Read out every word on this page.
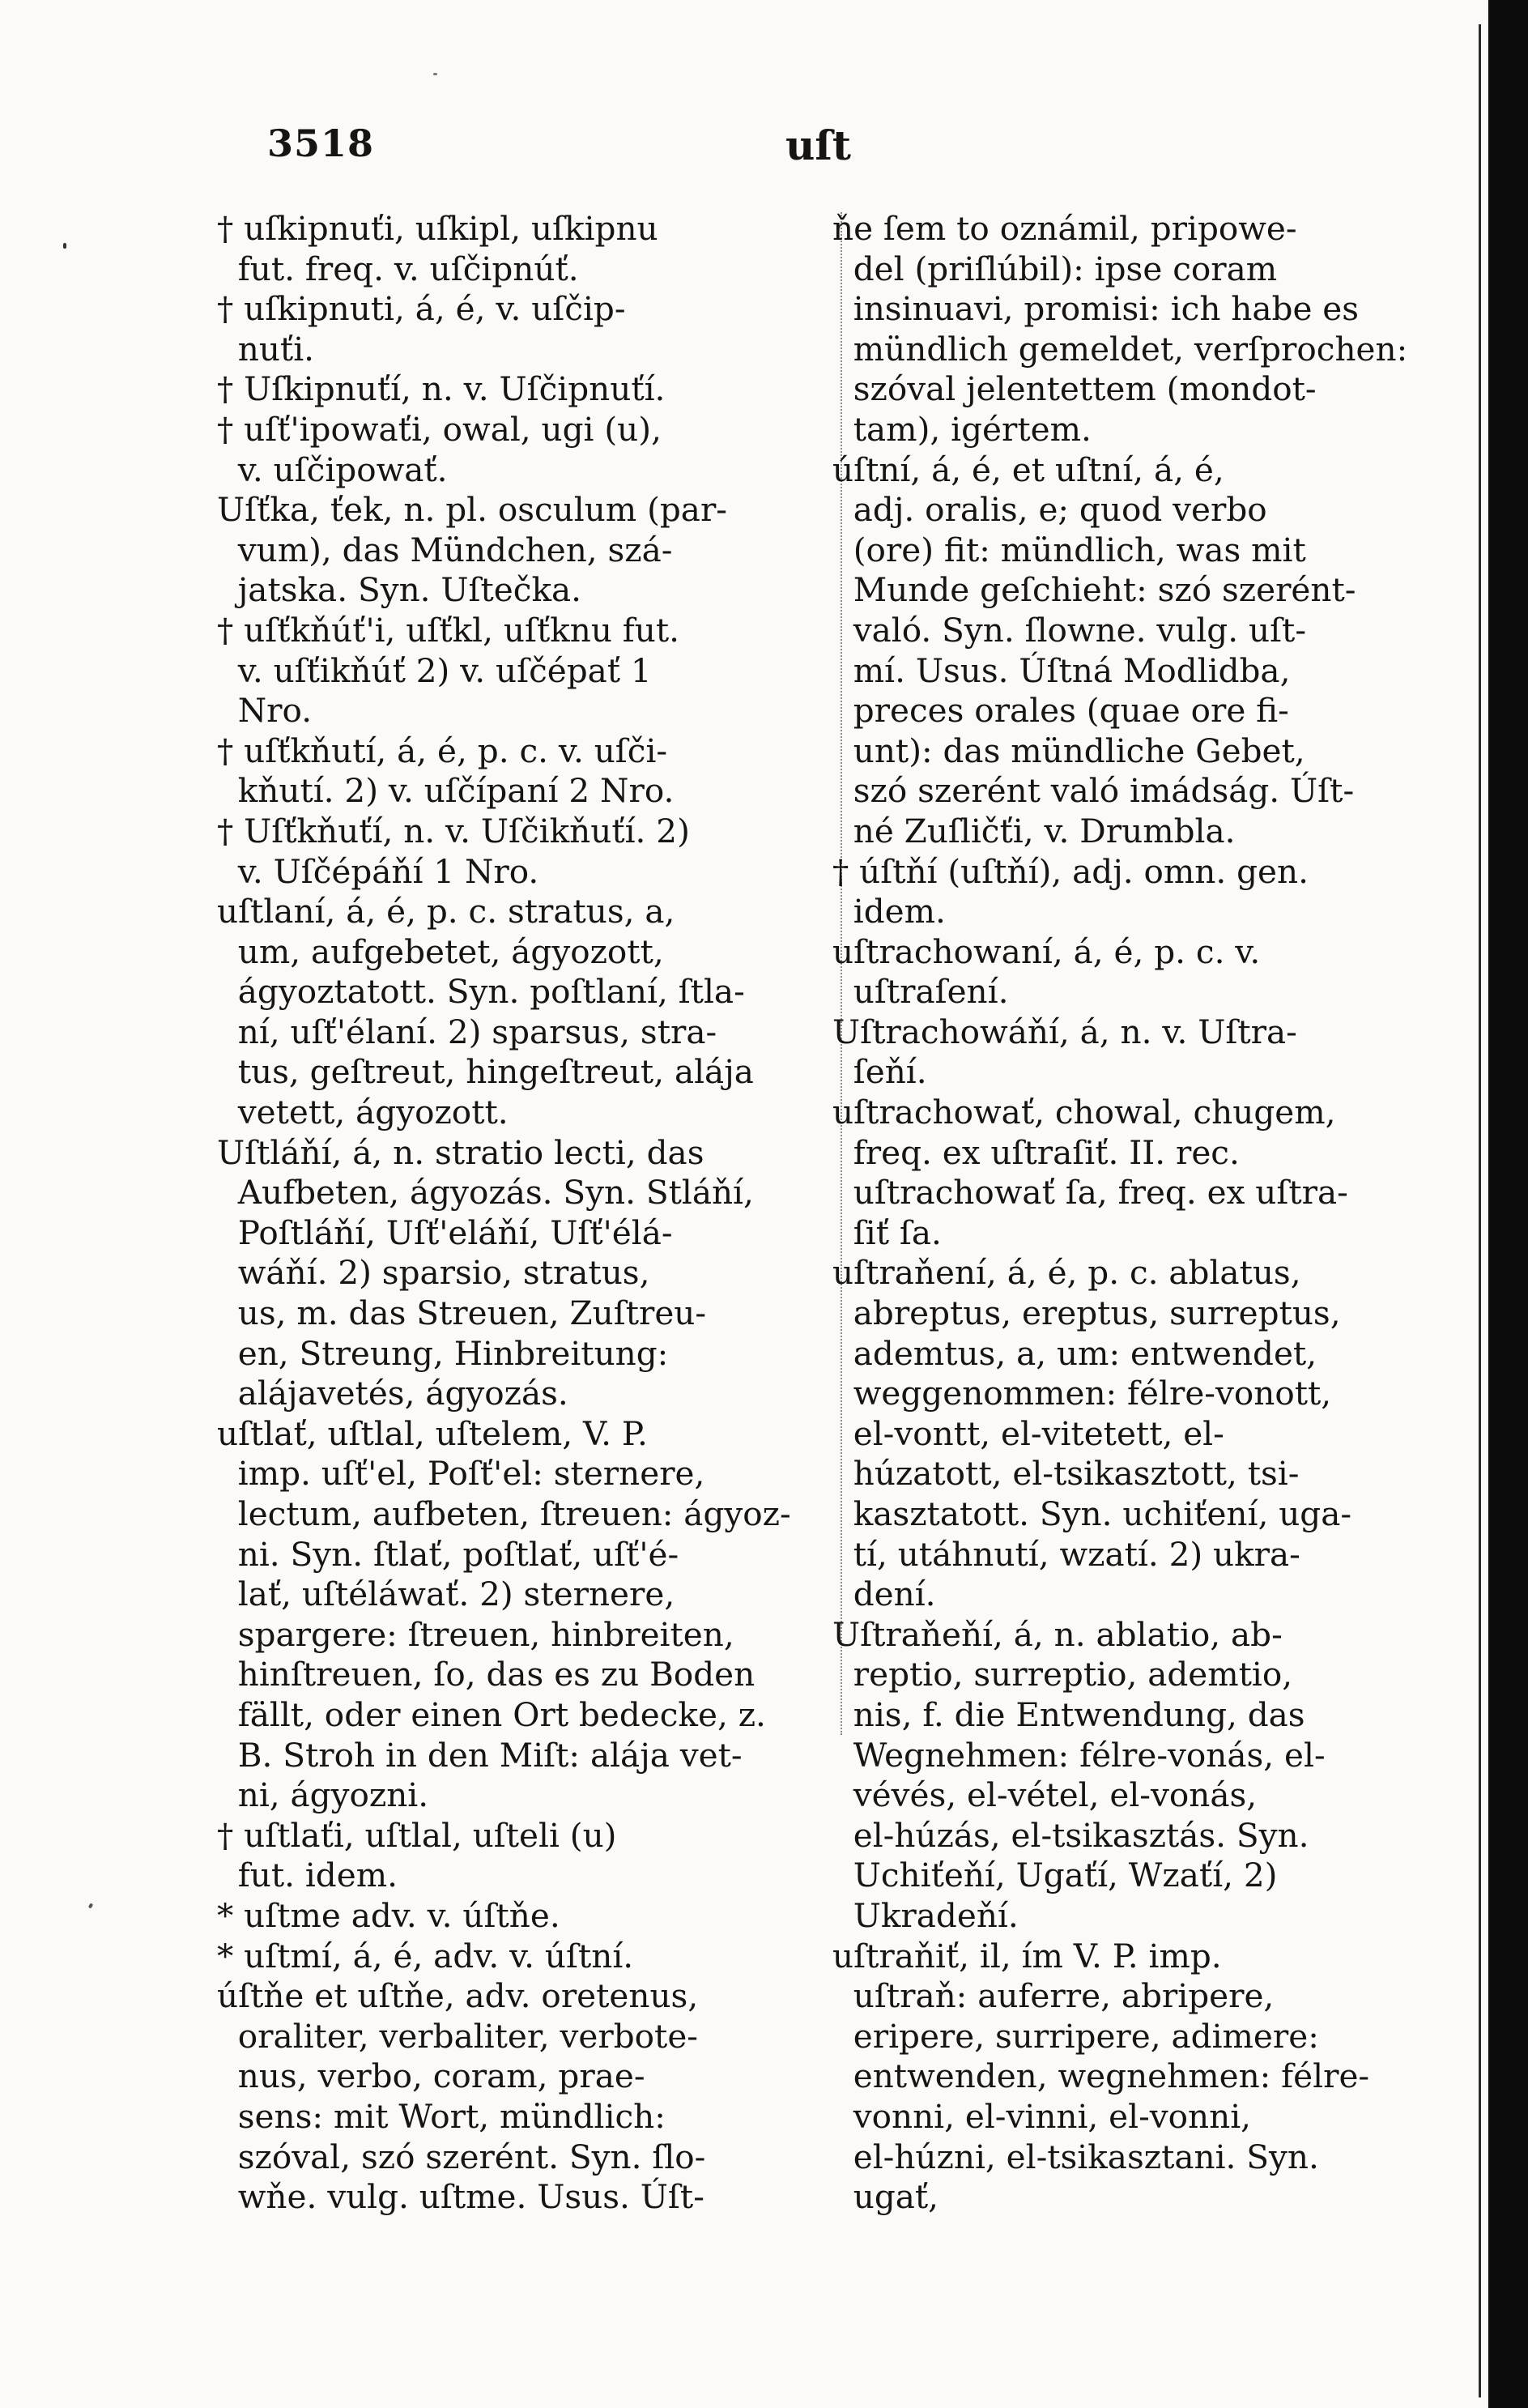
3518	uſt
† uſkipnuťi, uſkipl, uſkipnu
fut. freq. v. uſčipnúť.
† uſkipnuti, á, é, v. uſčip-
nuťi.
† Uſkipnuťí, n. v. Uſčipnuťí.
† uſť'ipowaťi, owal, ugi (u),
v. uſčipowať.
Uſťka, ťek, n. pl. osculum (par-
vum), das Mündchen, szá-
jatska. Syn. Uſtečka.
† uſťkňúť'i, uſťkl, uſťknu fut.
v. uſťikňúť 2) v. uſčépať 1
Nro.
† uſťkňutí, á, é, p. c. v. uſči-
kňutí. 2) v. uſčípaní 2 Nro.
† Uſťkňuťí, n. v. Uſčikňuťí. 2)
v. Uſčépáňí 1 Nro.
uſtlaní, á, é, p. c. stratus, a,
um, aufgebetet, ágyozott,
ágyoztatott. Syn. poſtlaní, ſtla-
ní, uſť'élaní. 2) sparsus, stra-
tus, geſtreut, hingeſtreut, alája
vetett, ágyozott.
Uſtláňí, á, n. stratio lecti, das
Aufbeten, ágyozás. Syn. Stláňí,
Poſtláňí, Uſť'eláňí, Uſť'élá-
wáňí. 2) sparsio, stratus,
us, m. das Streuen, Zuſtreu-
en, Streung, Hinbreitung:
alájavetés, ágyozás.
uſtlať, uſtlal, uſtelem, V. P.
imp. uſť'el, Poſť'el: sternere,
lectum, aufbeten, ſtreuen: ágyoz-
ni. Syn. ſtlať, poſtlať, uſť'é-
lať, uſtéláwať. 2) sternere,
spargere: ſtreuen, hinbreiten,
hinſtreuen, ſo, das es zu Boden
fällt, oder einen Ort bedecke, z.
B. Stroh in den Miſt: alája vet-
ni, ágyozni.
† uſtlaťi, uſtlal, uſteli (u)
fut. idem.
* uſtme adv. v. úſtňe.
* uſtmí, á, é, adv. v. úſtní.
úſtňe et uſtňe, adv. oretenus,
oraliter, verbaliter, verbote-
nus, verbo, coram, prae-
sens: mit Wort, mündlich:
szóval, szó szerént. Syn. ſlo-
wňe. vulg. uſtme. Usus. Úſt-
ňe ſem to oznámil, pripowe-
del (priſlúbil): ipse coram
insinuavi, promisi: ich habe es
mündlich gemeldet, verſprochen:
szóval jelentettem (mondot-
tam), igértem.
úſtní, á, é, et uſtní, á, é,
adj. oralis, e; quod verbo
(ore) fit: mündlich, was mit
Munde geſchieht: szó szerént-
való. Syn. ſlowne. vulg. uſt-
mí. Usus. Úſtná Modlidba,
preces orales (quae ore fi-
unt): das mündliche Gebet,
szó szerént való imádság. Úſt-
né Zuſličťi, v. Drumbla.
† úſtňí (uſtňí), adj. omn. gen.
idem.
uſtrachowaní, á, é, p. c. v.
uſtraſení.
Uſtrachowáňí, á, n. v. Uſtra-
ſeňí.
uſtrachowať, chowal, chugem,
freq. ex uſtraſiť. II. rec.
uſtrachowať ſa, freq. ex uſtra-
ſiť ſa.
uſtraňení, á, é, p. c. ablatus,
abreptus, ereptus, surreptus,
ademtus, a, um: entwendet,
weggenommen: félre-vonott,
el-vontt, el-vitetett, el-
húzatott, el-tsikasztott, tsi-
kasztatott. Syn. uchiťení, uga-
tí, utáhnutí, wzatí. 2) ukra-
dení.
Uſtraňeňí, á, n. ablatio, ab-
reptio, surreptio, ademtio,
nis, f. die Entwendung, das
Wegnehmen: félre-vonás, el-
vévés, el-vétel, el-vonás,
el-húzás, el-tsikasztás. Syn.
Uchiťeňí, Ugaťí, Wzaťí, 2)
Ukradeňí.
uſtraňiť, il, ím V. P. imp.
uſtraň: auferre, abripere,
eripere, surripere, adimere:
entwenden, wegnehmen: félre-
vonni, el-vinni, el-vonni,
el-húzni, el-tsikasztani. Syn.
ugať,
